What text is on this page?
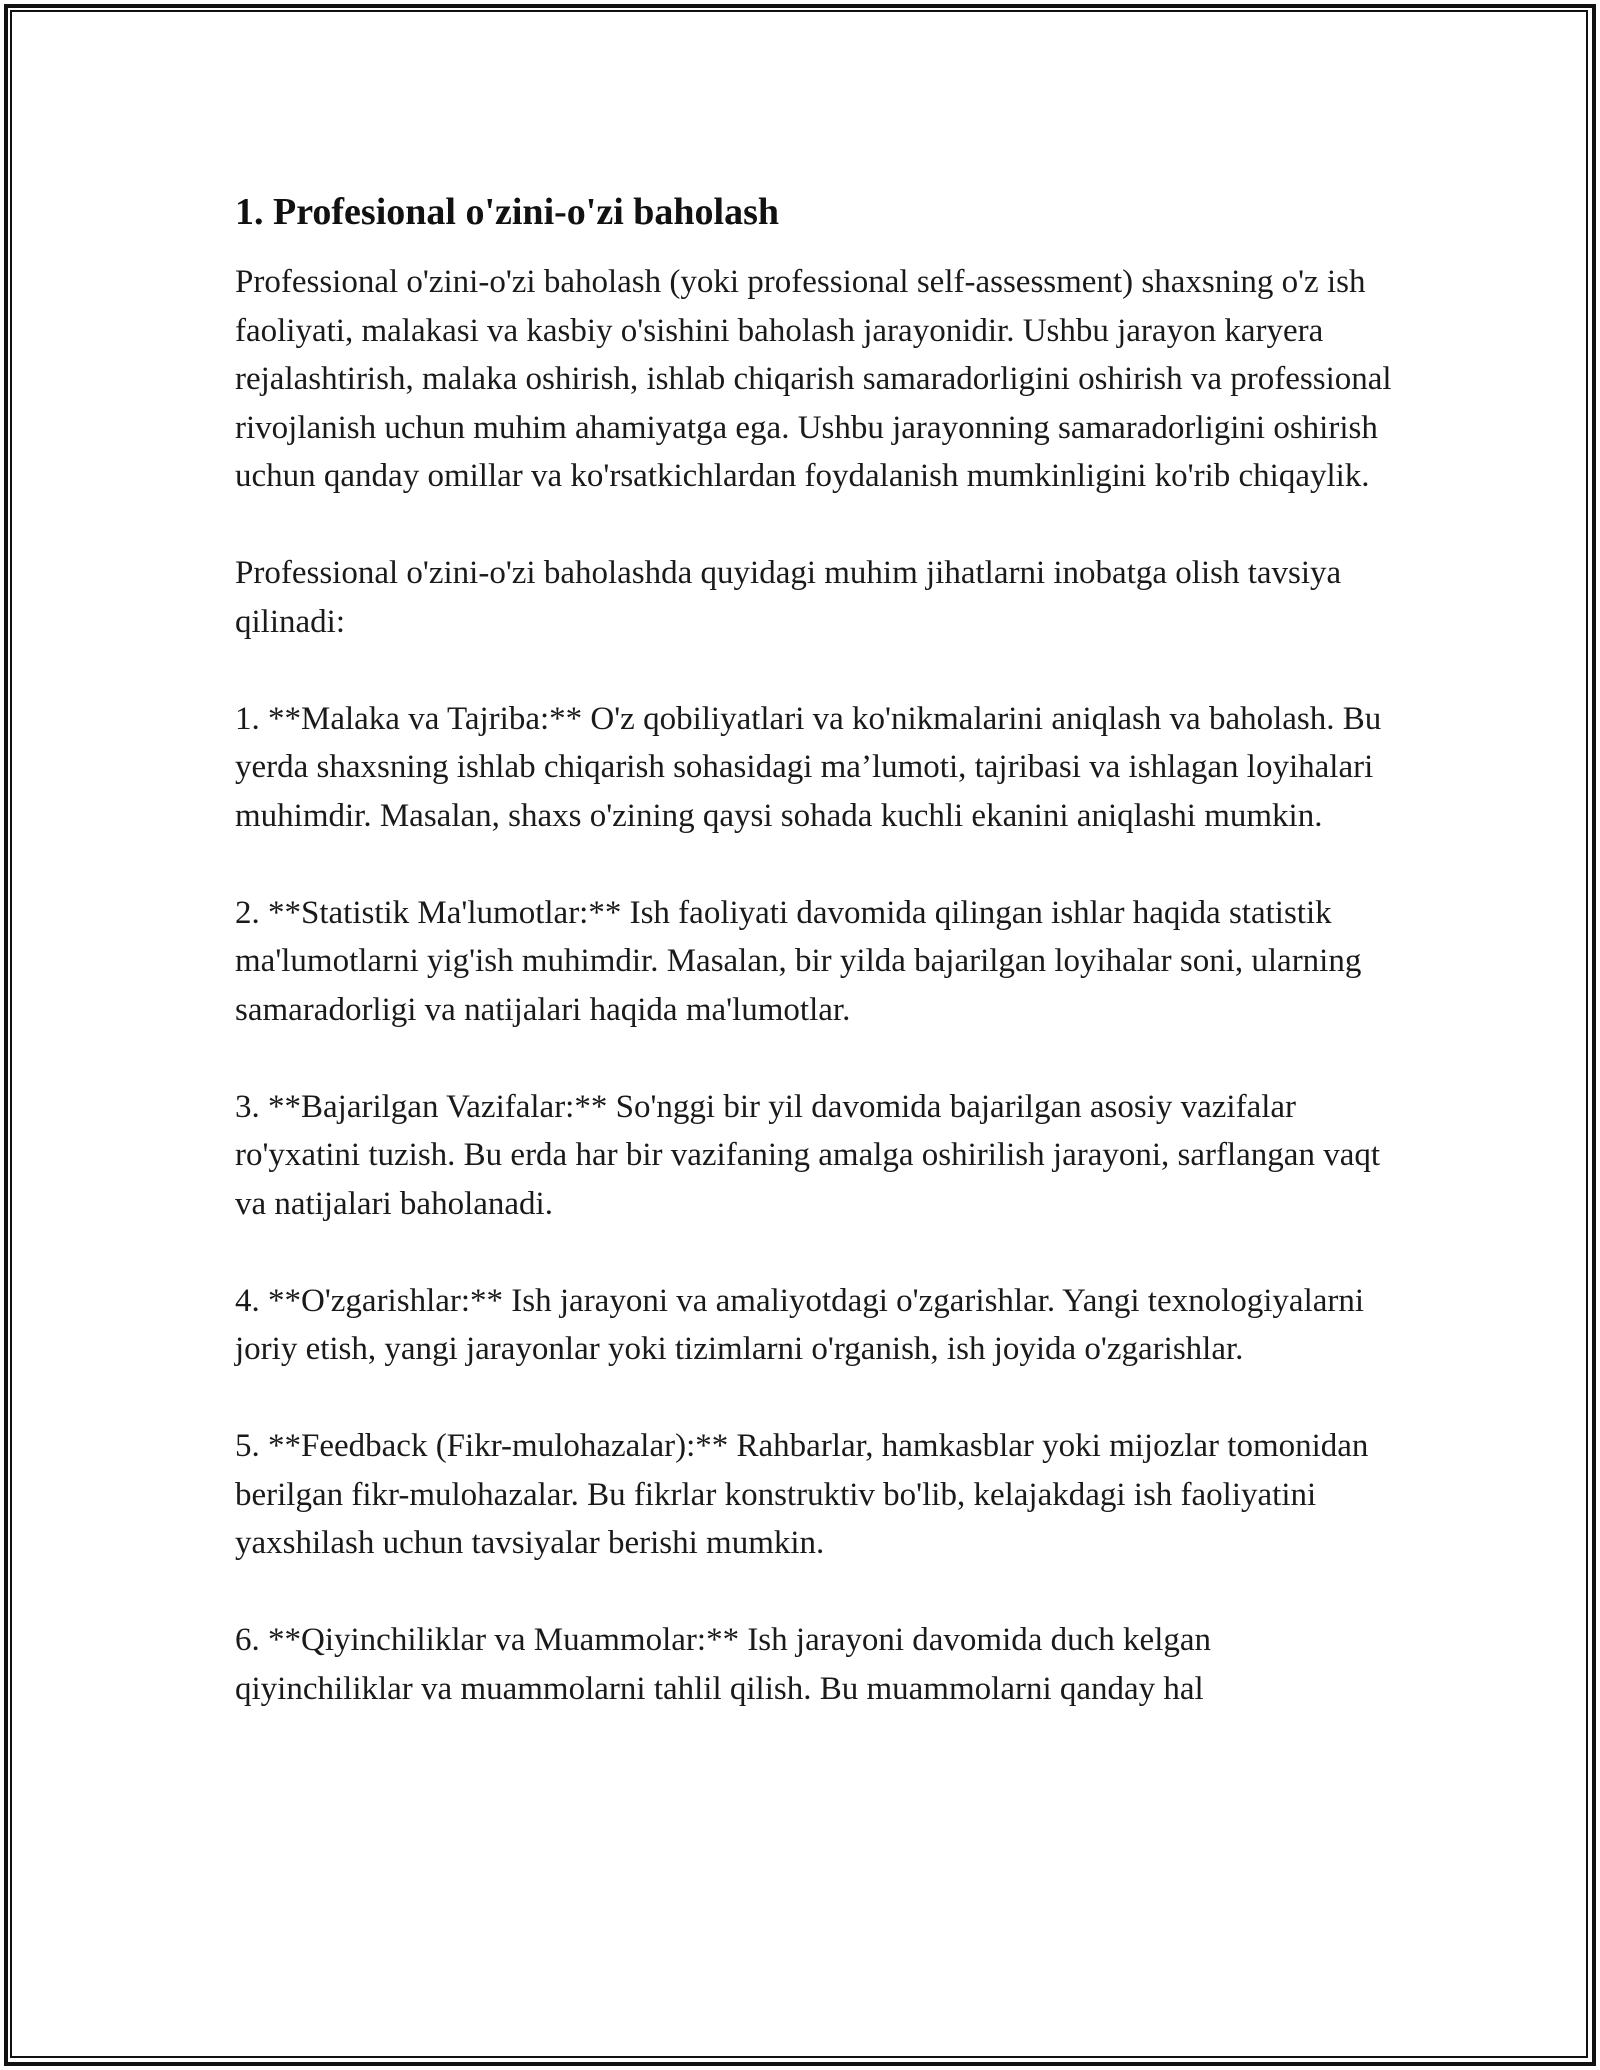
1. Profesional o'zini-o'zi baholash

Professional o'zini-o'zi baholash (yoki professional self-assessment) shaxsning o'z ish faoliyati, malakasi va kasbiy o'sishini baholash jarayonidir. Ushbu jarayon karyera rejalashtirish, malaka oshirish, ishlab chiqarish samaradorligini oshirish va professional rivojlanish uchun muhim ahamiyatga ega. Ushbu jarayonning samaradorligini oshirish uchun qanday omillar va ko'rsatkichlardan foydalanish mumkinligini ko'rib chiqaylik.

Professional o'zini-o'zi baholashda quyidagi muhim jihatlarni inobatga olish tavsiya qilinadi:

1. **Malaka va Tajriba:** O'z qobiliyatlari va ko'nikmalarini aniqlash va baholash. Bu yerda shaxsning ishlab chiqarish sohasidagi ma’lumoti, tajribasi va ishlagan loyihalari muhimdir. Masalan, shaxs o'zining qaysi sohada kuchli ekanini aniqlashi mumkin.

2. **Statistik Ma'lumotlar:** Ish faoliyati davomida qilingan ishlar haqida statistik ma'lumotlarni yig'ish muhimdir. Masalan, bir yilda bajarilgan loyihalar soni, ularning samaradorligi va natijalari haqida ma'lumotlar.

3. **Bajarilgan Vazifalar:** So'nggi bir yil davomida bajarilgan asosiy vazifalar ro'yxatini tuzish. Bu erda har bir vazifaning amalga oshirilish jarayoni, sarflangan vaqt va natijalari baholanadi.

4. **O'zgarishlar:** Ish jarayoni va amaliyotdagi o'zgarishlar. Yangi texnologiyalarni joriy etish, yangi jarayonlar yoki tizimlarni o'rganish, ish joyida o'zgarishlar.

5. **Feedback (Fikr-mulohazalar):** Rahbarlar, hamkasblar yoki mijozlar tomonidan berilgan fikr-mulohazalar. Bu fikrlar konstruktiv bo'lib, kelajakdagi ish faoliyatini yaxshilash uchun tavsiyalar berishi mumkin.

6. **Qiyinchiliklar va Muammolar:** Ish jarayoni davomida duch kelgan qiyinchiliklar va muammolarni tahlil qilish. Bu muammolarni qanday hal
